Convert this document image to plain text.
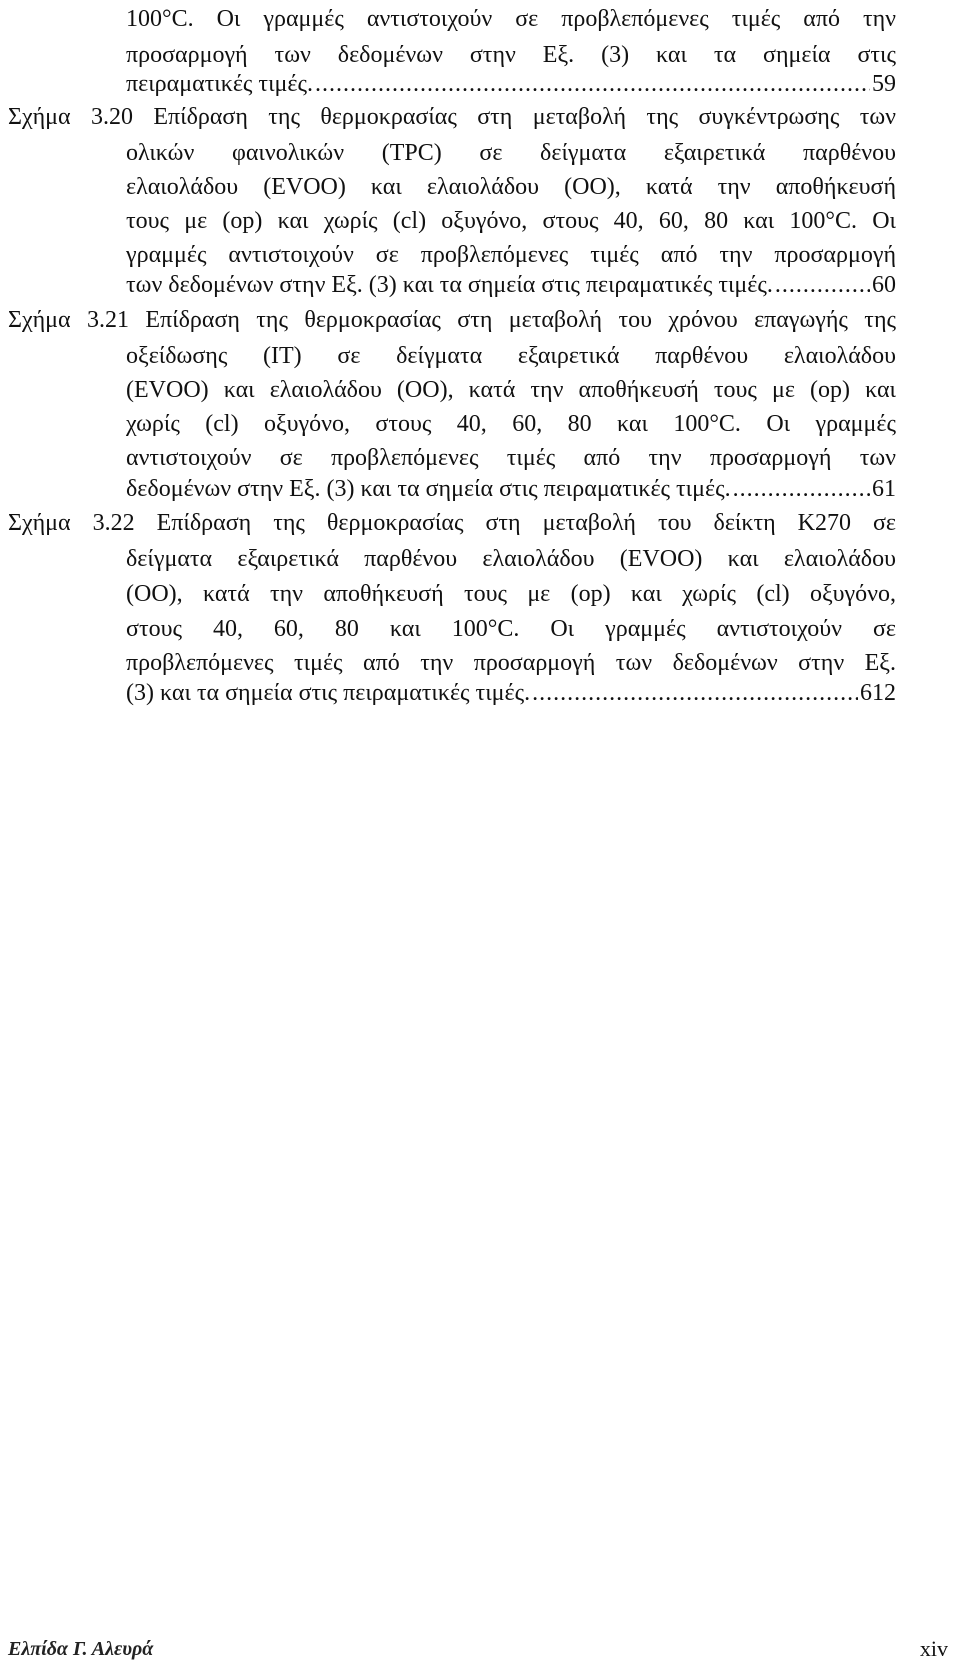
100°C. Οι γραμμές αντιστοιχούν σε προβλεπόμενες τιμές από την
προσαρμογή των δεδομένων στην Εξ. (3) και τα σημεία στις
πειραματικές τιμές. .....	59
Σχήμα 3.20 Επίδραση της θερμοκρασίας στη μεταβολή της συγκέντρωσης των
ολικών φαινολικών (TPC) σε δείγματα εξαιρετικά παρθένου
ελαιολάδου (EVOO) και ελαιολάδου (OO), κατά την αποθήκευσή
τους με (op) και χωρίς (cl) οξυγόνο, στους 40, 60, 80 και 100°C. Οι
γραμμές αντιστοιχούν σε προβλεπόμενες τιμές από την προσαρμογή
των δεδομένων στην Εξ. (3) και τα σημεία στις πειραματικές τιμές. .....	60
Σχήμα 3.21 Επίδραση της θερμοκρασίας στη μεταβολή του χρόνου επαγωγής της
οξείδωσης (IT) σε δείγματα εξαιρετικά παρθένου ελαιολάδου
(EVOO) και ελαιολάδου (OO), κατά την αποθήκευσή τους με (op) και
χωρίς (cl) οξυγόνο, στους 40, 60, 80 και 100°C. Οι γραμμές
αντιστοιχούν σε προβλεπόμενες τιμές από την προσαρμογή των
δεδομένων στην Εξ. (3) και τα σημεία στις πειραματικές τιμές. .....	61
Σχήμα 3.22 Επίδραση της θερμοκρασίας στη μεταβολή του δείκτη K270 σε
δείγματα εξαιρετικά παρθένου ελαιολάδου (EVOO) και ελαιολάδου
(OO), κατά την αποθήκευσή τους με (op) και χωρίς (cl) οξυγόνο,
στους 40, 60, 80 και 100°C. Οι γραμμές αντιστοιχούν σε
προβλεπόμενες τιμές από την προσαρμογή των δεδομένων στην Εξ.
(3) και τα σημεία στις πειραματικές τιμές. .....	612
Ελπίδα Γ. Αλευρά	xiv
